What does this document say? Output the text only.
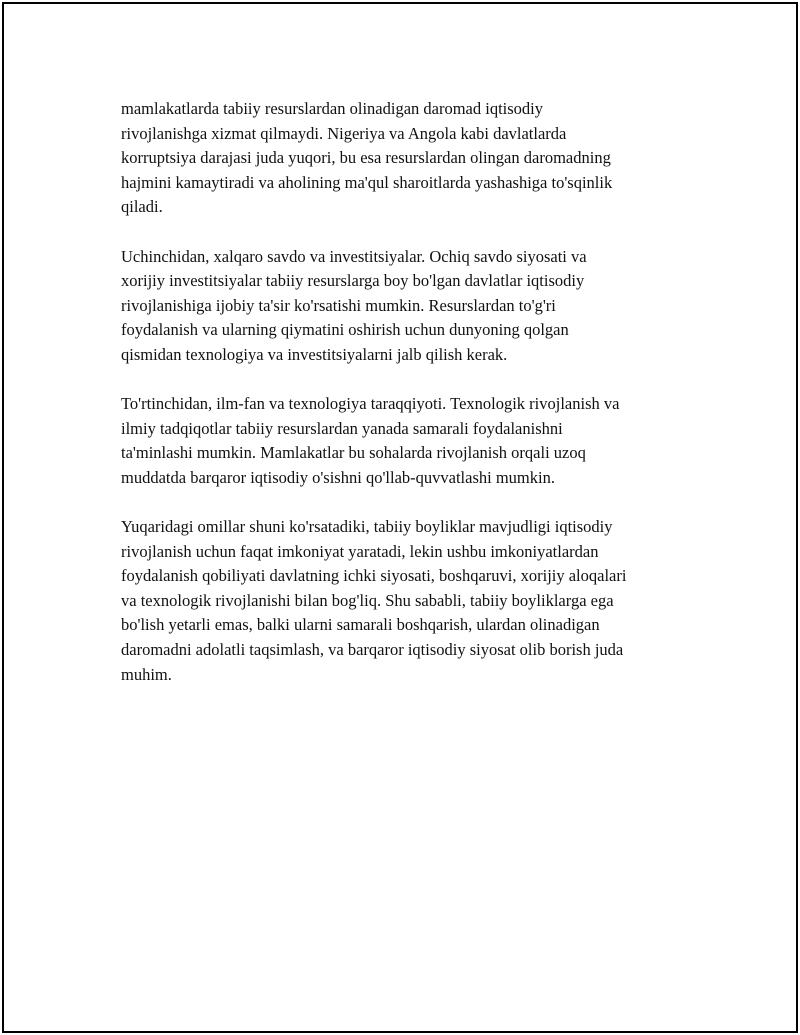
mamlakatlarda tabiiy resurslardan olinadigan daromad iqtisodiy
rivojlanishga xizmat qilmaydi. Nigeriya va Angola kabi davlatlarda
korruptsiya darajasi juda yuqori, bu esa resurslardan olingan daromadning
hajmini kamaytiradi va aholining ma'qul sharoitlarda yashashiga to'sqinlik
qiladi.

Uchinchidan, xalqaro savdo va investitsiyalar. Ochiq savdo siyosati va
xorijiy investitsiyalar tabiiy resurslarga boy bo'lgan davlatlar iqtisodiy
rivojlanishiga ijobiy ta'sir ko'rsatishi mumkin. Resurslardan to'g'ri
foydalanish va ularning qiymatini oshirish uchun dunyoning qolgan
qismidan texnologiya va investitsiyalarni jalb qilish kerak.

To'rtinchidan, ilm-fan va texnologiya taraqqiyoti. Texnologik rivojlanish va
ilmiy tadqiqotlar tabiiy resurslardan yanada samarali foydalanishni
ta'minlashi mumkin. Mamlakatlar bu sohalarda rivojlanish orqali uzoq
muddatda barqaror iqtisodiy o'sishni qo'llab-quvvatlashi mumkin.

Yuqaridagi omillar shuni ko'rsatadiki, tabiiy boyliklar mavjudligi iqtisodiy
rivojlanish uchun faqat imkoniyat yaratadi, lekin ushbu imkoniyatlardan
foydalanish qobiliyati davlatning ichki siyosati, boshqaruvi, xorijiy aloqalari
va texnologik rivojlanishi bilan bog'liq. Shu sababli, tabiiy boyliklarga ega
bo'lish yetarli emas, balki ularni samarali boshqarish, ulardan olinadigan
daromadni adolatli taqsimlash, va barqaror iqtisodiy siyosat olib borish juda
muhim.
